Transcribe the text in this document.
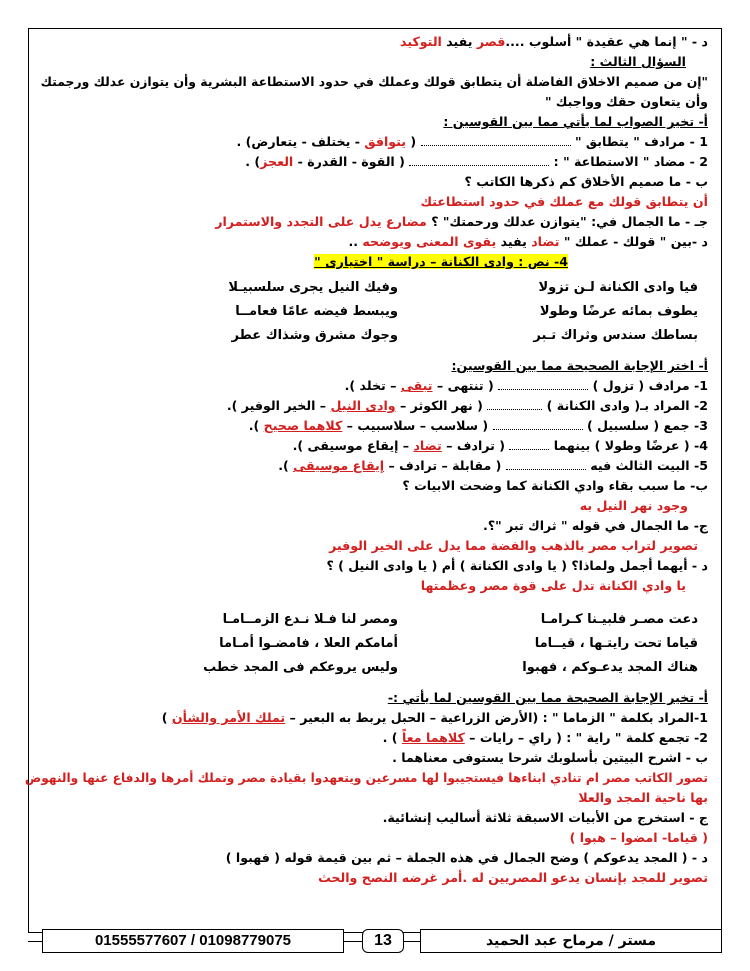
د - " إنما هي عقيدة " أسلوب ....قصر يفيد التوكيد

السؤال الثالث :

"إن من صميم الاخلاق الفاضلة أن يتطابق قولك وعملك في حدود الاستطاعة البشرية وأن يتوازن عدلك ورجمتك

وأن يتعاون حقك وواجبك "

أ- تخير الصواب لما يأتي مما بين القوسين :

1 - مرادف " يتطابق "  ( يتوافق - يختلف - يتعارض) .

2 - مضاد " الاستطاعة " :  ( القوة - القدرة - العجز) .

ب - ما صميم الأخلاق كم ذكرها الكاتب ؟

أن يتطابق قولك مع عملك في حدود استطاعتك

جـ - ما الجمال في: "يتوازن عدلك ورحمتك" ؟ مضارع يدل على التجدد والاستمرار

د -بين " قولك - عملك " تضاد يفيد يقوى المعنى ويوضحه ..

4- نص : وادى الكنانة – دراسة " اختيارى "

فيا وادى الكنانة لـن تزولا
وفيك النيل يجرى سلسبيـلا
يطوف بمائه عرضًا وطولا
ويبسط فيضه عامًا فعامــا
بساطك سندس وثراك تـبر
وجوك مشرق وشذاك عطر

أ- اختر الإجابة الصحيحة مما بين القوسين:

1- مرادف ( تزول )  ( تنتهى – تبقى – تخلد ).

2- المراد بـ( وادى الكنانة )  ( نهر الكوثر – وادى النيل – الخير الوفير ).

3- جمع ( سلسبيل )  ( سلاسب – سلاسبيب – كلاهما صحيح ).

4- ( عرضًا وطولا ) بينهما  ( ترادف – تضاد – إيقاع موسيقى ).

5- البيت الثالث فيه  ( مقابلة – ترادف – إيقاع موسيقى ).

ب- ما سبب بقاء وادي الكنانة كما وضحت الابيات ؟

وجود نهر النيل به

ج- ما الجمال في قوله " ثراك تبر "؟.

تصوير لتراب مصر بالذهب والفضة مما يدل على الخير الوفير

د - أيهما أجمل ولماذا؟ ( يا وادى الكنانة ) أم ( يا وادى النيل ) ؟

يا وادي الكنانة تدل على قوة مصر وعظمتها

دعت مصـر فلبيـنا كـرامـا
ومصر لنا فـلا نـدع الزمــامـا
قياما تحت رايتـها ، قيــاما
أمامكم العلا ، فامضـوا أمـاما
هناك المجد يدعـوكم ، فهبوا
وليس يروعكم فى المجد خطب

أ- تخير الإجابة الصحيحة مما بين القوسين لما يأتي :-

1-المراد بكلمة " الزماما " : (الأرض الزراعية – الحبل يربط به البعير – تملك الأمر والشأن )

2- تجمع كلمة " راية " : ( راي – رايات – كلاهما معاً ) .

ب - اشرح البيتين بأسلوبك شرحا يستوفى معناهما .

تصور الكاتب مصر ام تنادي ابناءها فيستجيبوا لها مسرعين ويتعهدوا بقيادة مصر وتملك أمرها والدفاع عنها والنهوض

بها ناحية المجد والعلا

ج - استخرج من الأبيات الاسبقة ثلاثة أساليب إنشائية.

( قياما- امضوا – هبوا )

د - ( المجد يدعوكم ) وضح الجمال في هذه الجملة – ثم بين قيمة قوله ( فهبوا )

تصوير للمجد بإنسان يدعو المصريين له .أمر غرضه النصح والحث

01555577607 / 01098779075	13	مستر / مرماح عبد الحميد
